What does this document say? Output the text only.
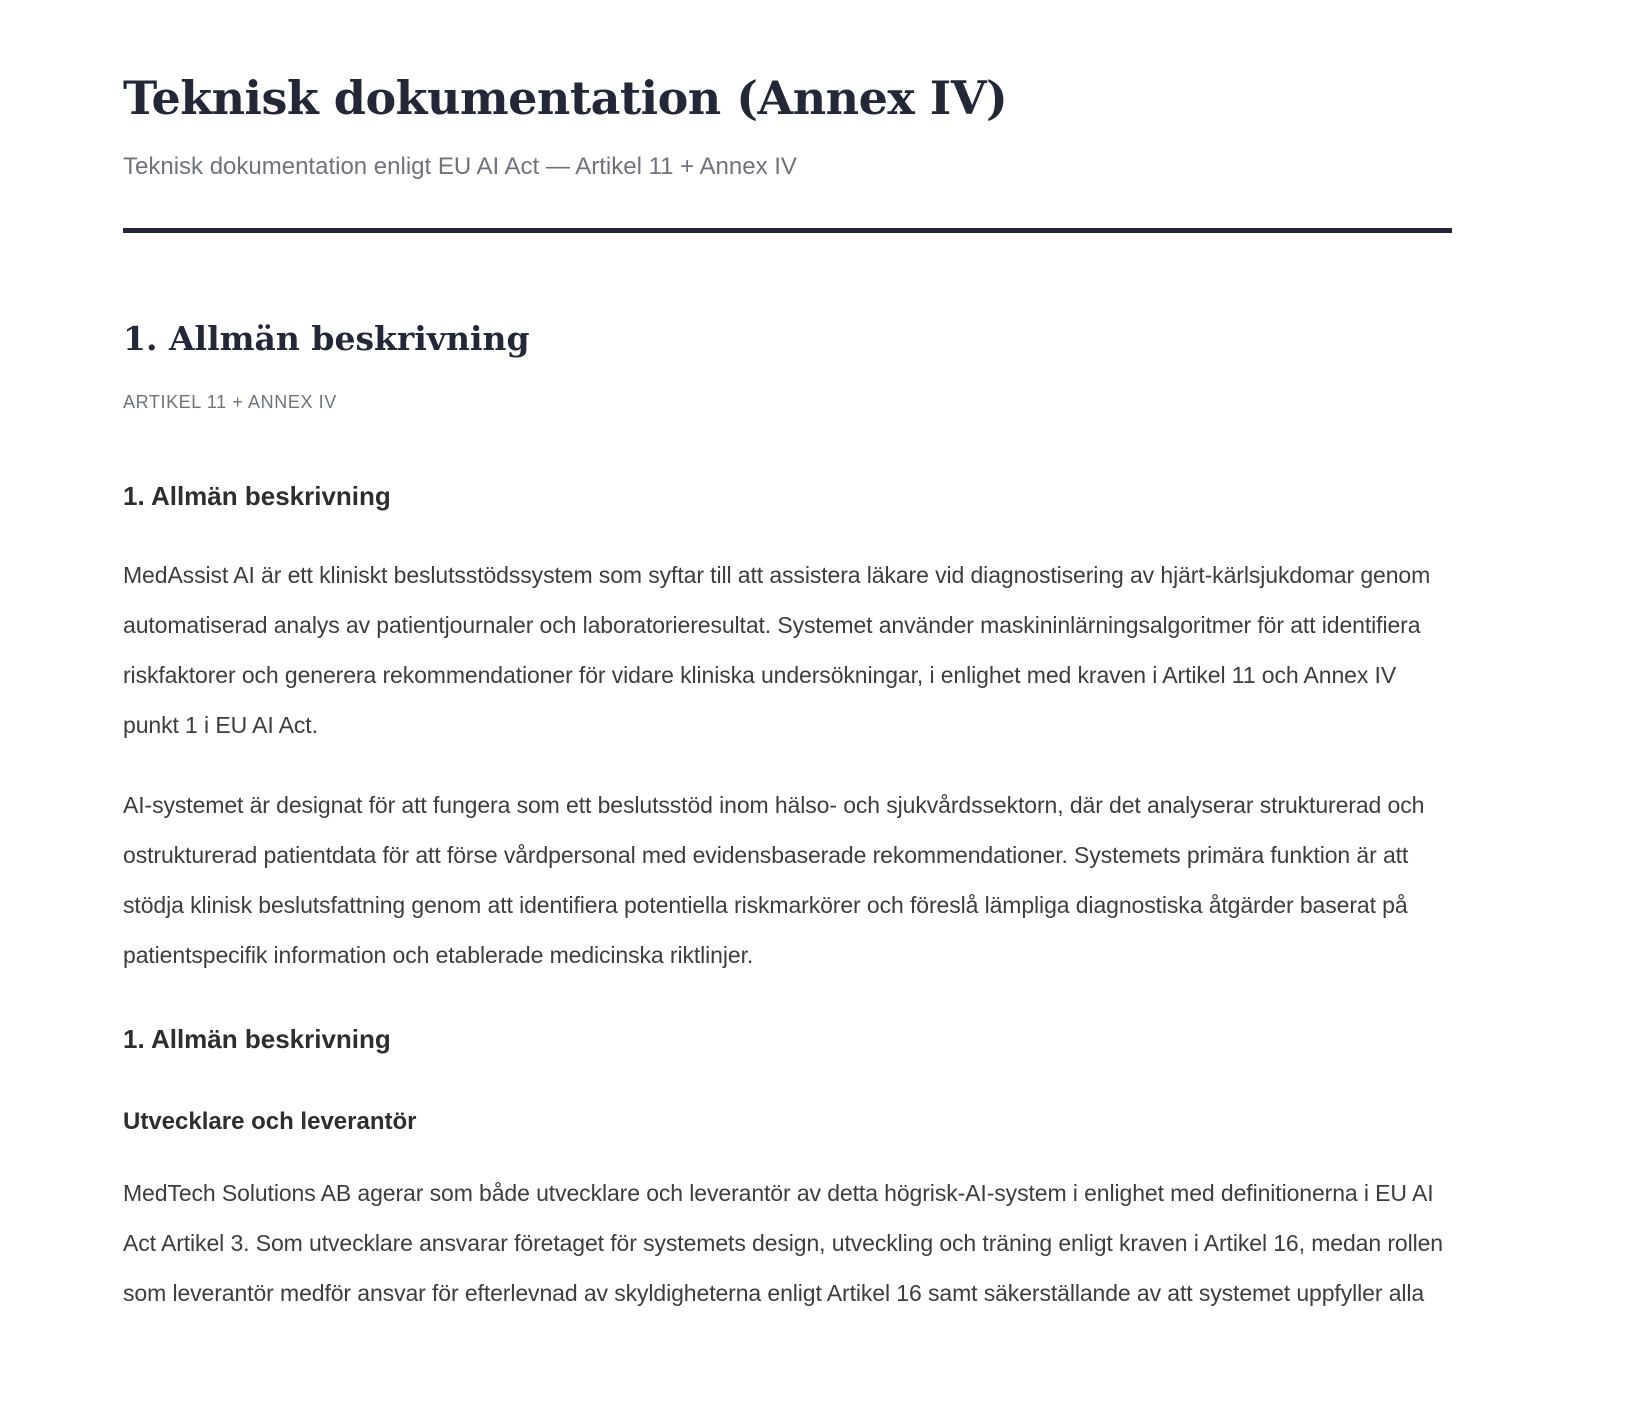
Teknisk dokumentation (Annex IV)

Teknisk dokumentation enligt EU AI Act — Artikel 11 + Annex IV

1. Allmän beskrivning
ARTIKEL 11 + ANNEX IV
1. Allmän beskrivning

MedAssist AI är ett kliniskt beslutsstödssystem som syftar till att assistera läkare vid diagnostisering av hjärt-kärlsjukdomar genom automatiserad analys av patientjournaler och laboratorieresultat. Systemet använder maskininlärningsalgoritmer för att identifiera riskfaktorer och generera rekommendationer för vidare kliniska undersökningar, i enlighet med kraven i Artikel 11 och Annex IV punkt 1 i EU AI Act.

AI-systemet är designat för att fungera som ett beslutsstöd inom hälso- och sjukvårdssektorn, där det analyserar strukturerad och ostrukturerad patientdata för att förse vårdpersonal med evidensbaserade rekommendationer. Systemets primära funktion är att stödja klinisk beslutsfattning genom att identifiera potentiella riskmarkörer och föreslå lämpliga diagnostiska åtgärder baserat på patientspecifik information och etablerade medicinska riktlinjer.

1. Allmän beskrivning
Utvecklare och leverantör

MedTech Solutions AB agerar som både utvecklare och leverantör av detta högrisk-AI-system i enlighet med definitionerna i EU AI Act Artikel 3. Som utvecklare ansvarar företaget för systemets design, utveckling och träning enligt kraven i Artikel 16, medan rollen som leverantör medför ansvar för efterlevnad av skyldigheterna enligt Artikel 16 samt säkerställande av att systemet uppfyller alla
